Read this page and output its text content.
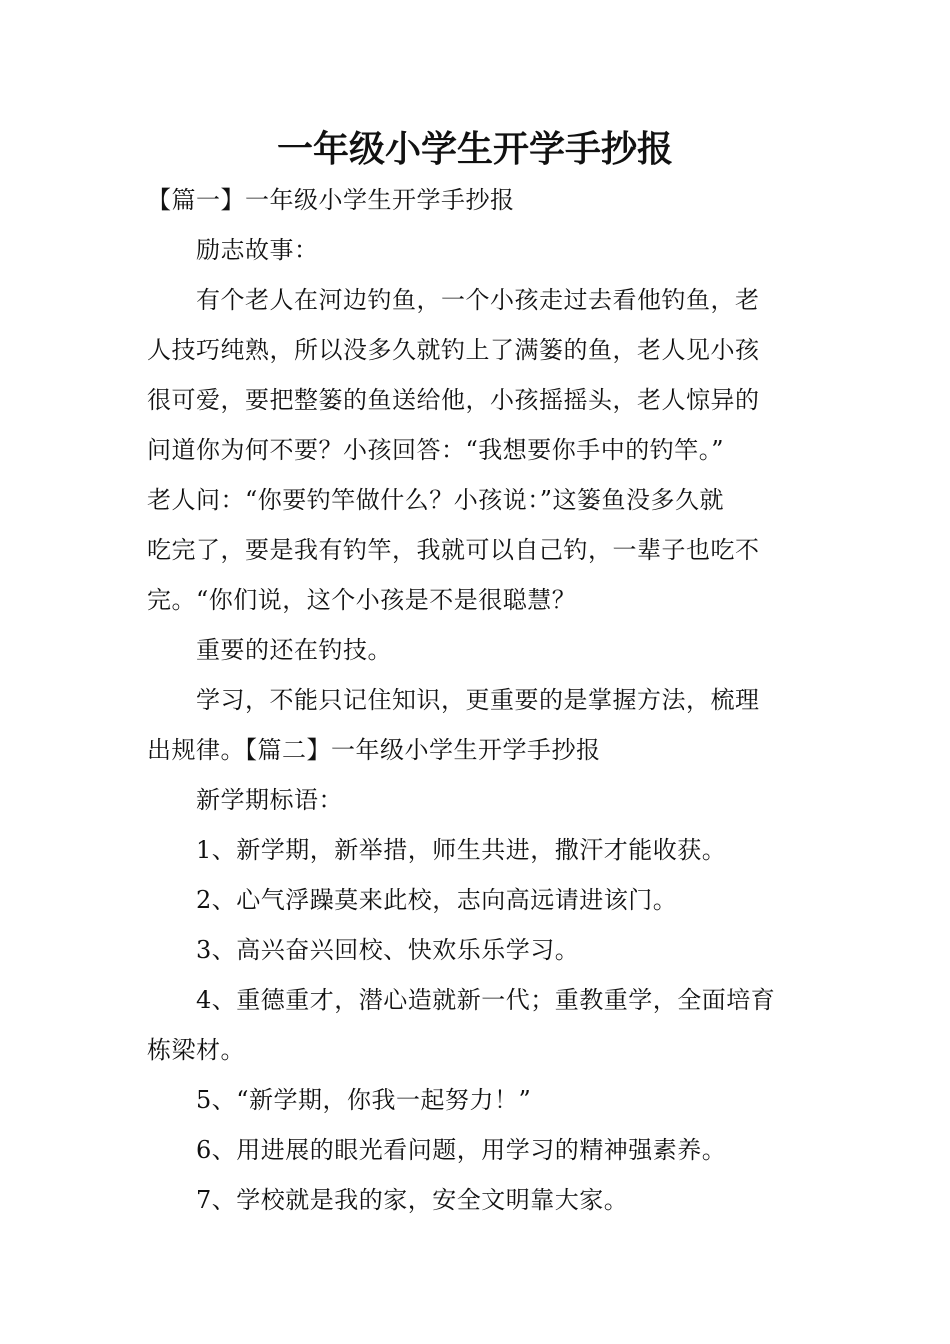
一年级小学生开学手抄报
【篇一】一年级小学生开学手抄报
励志故事：
有个老人在河边钓鱼，一个小孩走过去看他钓鱼，老
人技巧纯熟，所以没多久就钓上了满篓的鱼，老人见小孩
很可爱，要把整篓的鱼送给他，小孩摇摇头，老人惊异的
问道你为何不要？小孩回答：“我想要你手中的钓竿。”
老人问：“你要钓竿做什么？小孩说：”这篓鱼没多久就
吃完了，要是我有钓竿，我就可以自己钓，一辈子也吃不
完。“你们说，这个小孩是不是很聪慧？
重要的还在钓技。
学习，不能只记住知识，更重要的是掌握方法，梳理
出规律。【篇二】一年级小学生开学手抄报
新学期标语：
1、新学期，新举措，师生共进，撒汗才能收获。
2、心气浮躁莫来此校，志向高远请进该门。
3、高兴奋兴回校、快欢乐乐学习。
4、重德重才，潜心造就新一代；重教重学，全面培育
栋梁材。
5、“新学期，你我一起努力！”
6、用进展的眼光看问题，用学习的精神强素养。
7、学校就是我的家，安全文明靠大家。
